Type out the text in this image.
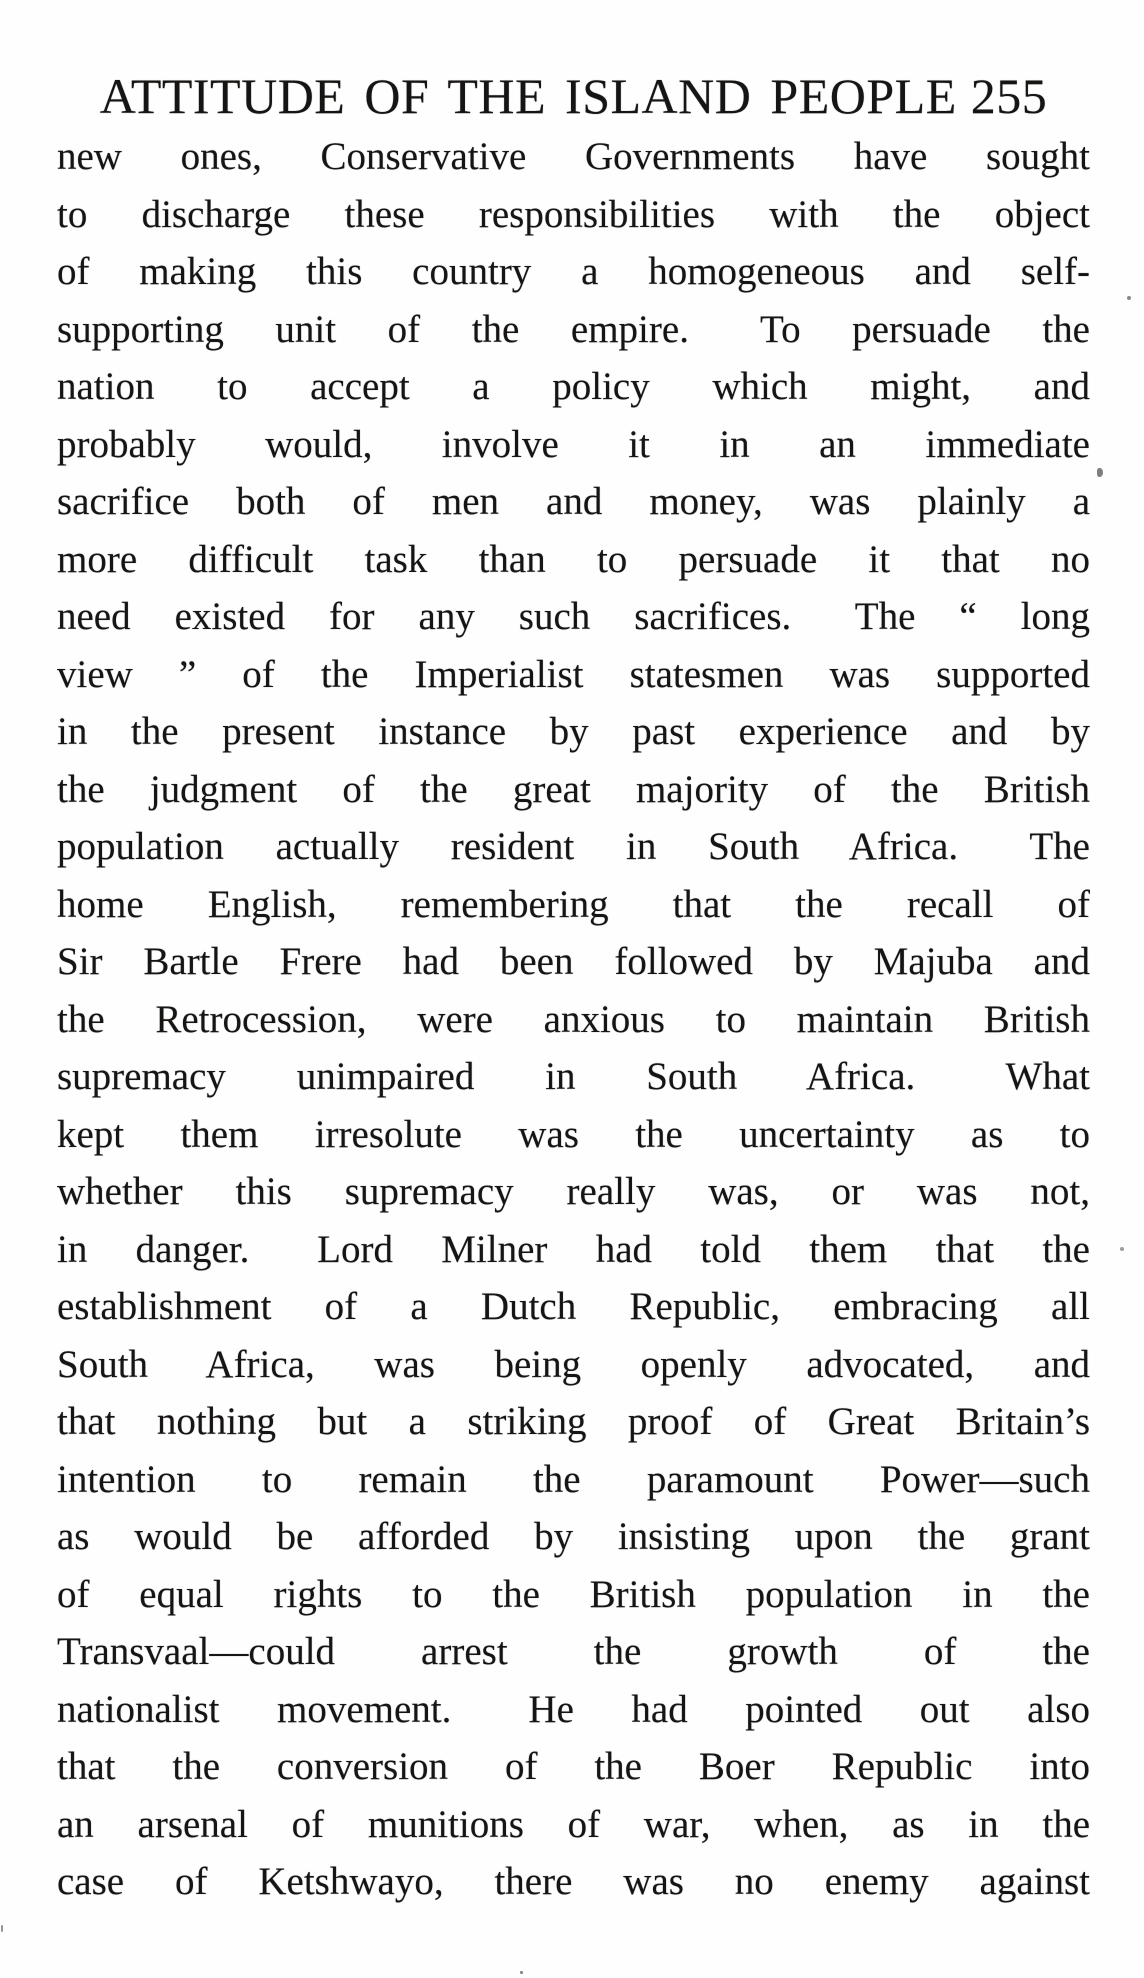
ATTITUDE OF THE ISLAND PEOPLE 255
new ones, Conservative Governments have sought
to discharge these responsibilities with the object
of making this country a homogeneous and self-
supporting unit of the empire.  To persuade the
nation to accept a policy which might, and
probably would, involve it in an immediate
sacrifice both of men and money, was plainly a
more difficult task than to persuade it that no
need existed for any such sacrifices.  The “ long
view ” of the Imperialist statesmen was supported
in the present instance by past experience and by
the judgment of the great majority of the British
population actually resident in South Africa.  The
home English, remembering that the recall of
Sir Bartle Frere had been followed by Majuba and
the Retrocession, were anxious to maintain British
supremacy unimpaired in South Africa.  What
kept them irresolute was the uncertainty as to
whether this supremacy really was, or was not,
in danger.  Lord Milner had told them that the
establishment of a Dutch Republic, embracing all
South Africa, was being openly advocated, and
that nothing but a striking proof of Great Britain’s
intention to remain the paramount Power—such
as would be afforded by insisting upon the grant
of equal rights to the British population in the
Transvaal—could arrest the growth of the
nationalist movement.  He had pointed out also
that the conversion of the Boer Republic into
an arsenal of munitions of war, when, as in the
case of Ketshwayo, there was no enemy against
